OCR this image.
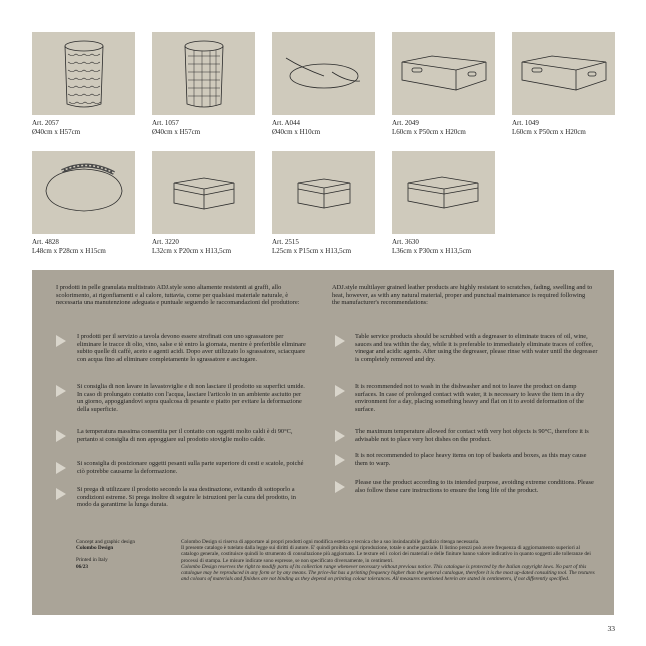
Art. 2057
Ø40cm x H57cm
Art. 1057
Ø40cm x H57cm
Art. A044
Ø40cm x H10cm
Art. 2049
L60cm x P50cm x H20cm
Art. 1049
L60cm x P50cm x H20cm
Art. 4828
L48cm x P28cm x H15cm
Art. 3220
L32cm x P20cm x H13,5cm
Art. 2515
L25cm x P15cm x H13,5cm
Art. 3630
L36cm x P30cm x H13,5cm
I prodotti in pelle granulata multistrato ADJ.style sono altamente resistenti ai graffi, allo scolorimento, ai rigonfiamenti e al calore, tuttavia, come per qualsiasi materiale naturale, è necessaria una manutenzione adeguata e puntuale seguendo le raccomandazioni del produttore:
ADJ.style multilayer grained leather products are highly resistant to scratches, fading, swelling and to heat, however, as with any natural material, proper and punctual maintenance is required following the manufacturer's recommendations:
I prodotti per il servizio a tavola devono essere strofinati con uno sgrassatore per eliminare le tracce di olio, vino, salse e tè entro la giornata, mentre è preferibile eliminare subito quelle di caffè, aceto e agenti acidi. Dopo aver utilizzato lo sgrassatore, sciacquare con acqua fino ad eliminare completamente lo sgrassatore e asciugare.
Table service products should be scrubbed with a degreaser to eliminate traces of oil, wine, sauces and tea within the day, while it is preferable to immediately eliminate traces of coffee, vinegar and acidic agents. After using the degreaser, please rinse with water until the degreaser is completely removed and dry.
Si consiglia di non lavare in lavastoviglie e di non lasciare il prodotto su superfici umide. In caso di prolungato contatto con l'acqua, lasciare l'articolo in un ambiente asciutto per un giorno, appoggiandovi sopra qualcosa di pesante e piatto per evitare la deformazione della superficie.
It is recommended not to wash in the dishwasher and not to leave the product on damp surfaces. In case of prolonged contact with water, it is necessary to leave the item in a dry environment for a day, placing something heavy and flat on it to avoid deformation of the surface.
La temperatura massima consentita per il contatto con oggetti molto caldi è di 90°C, pertanto si consiglia di non appoggiare sul prodotto stoviglie molto calde.
The maximum temperature allowed for contact with very hot objects is 90°C, therefore it is advisable not to place very hot dishes on the product.
Si sconsiglia di posizionare oggetti pesanti sulla parte superiore di cesti e scatole, poiché ciò potrebbe causarne la deformazione.
It is not recommended to place heavy items on top of baskets and boxes, as this may cause them to warp.
Si prega di utilizzare il prodotto secondo la sua destinazione, evitando di sottoporlo a condizioni estreme. Si prega inoltre di seguire le istruzioni per la cura del prodotto, in modo da garantirne la lunga durata.
Please use the product according to its intended purpose, avoiding extreme conditions. Please also follow these care instructions to ensure the long life of the product.
Concept and graphic design
Colombo Design
Printed in Italy
06/23
Colombo Design si riserva di apportare ai propri prodotti ogni modifica estetica e tecnica che a suo insindacabile giudizio ritenga necessaria.
Il presente catalogo è tutelato dalla legge sui diritti di autore. E' quindi proibita ogni riproduzione, totale o anche parziale. Il listino prezzi può avere frequenza di aggiornamento superiori al catalogo generale, costituisce quindi lo strumento di consultazione più aggiornato. Le texture ed i colori dei materiali e delle finiture hanno valore indicativo in quanto soggetti alle tolleranze dei processi di stampa. Le misure indicate sono espresse, se non specificato diversamente, in centimetri.
Colombo Design reserves the right to modify parts of its collection range whenever necessary without previous notice. This catalogue is protected by the Italian copyright laws. No part of this catalogue may be reproduced in any form or by any means. The price-list has a printing frequency higher than the general catalogue, therefore it is the most up-dated consulting tool. The textures and colours of materials and finishes are not binding as they depend on printing colour tolerances. All measures mentioned herein are stated in centimeters, if not differently specified.
33
